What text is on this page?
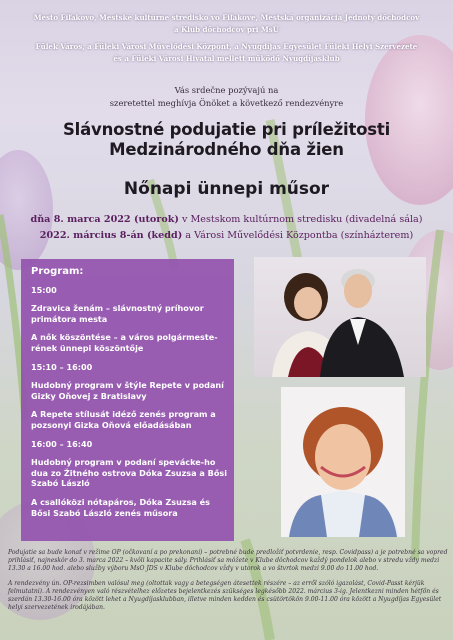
Mesto Fiľakovo, Mestské kultúrne stredisko vo Fiľakove, Mestská organizácia Jednoty dôchodcov
a Klub dôchodcov pri MsÚ
Fülek Város, a Füleki Városi Művelődési Központ, a Nyugdíjas Egyesület Füleki Helyi Szervezete
és a Füleki Városi Hivatal mellett működő Nyugdíjasklub
Vás srdečne pozývajú na
szeretettel meghívja Önöket a következő rendezvényre
Slávnostné podujatie pri príležitosti
Medzinárodného dňa žien
Nőnapi ünnepi műsor
dňa 8. marca 2022 (utorok) v Mestskom kultúrnom stredisku (divadelná sála)
2022. március 8-án (kedd) a Városi Művelődési Központba (színházterem)
Program:
15:00
Zdravica ženám – slávnostný príhovor primátora mesta
A nők köszöntése – a város polgármeste-rének ünnepi köszöntője
15:10 – 16:00
Hudobný program v štýle Repete v podaní Gizky Oňovej z Bratislavy
A Repete stílusát idéző zenés program a pozsonyi Gizka Oňová előadásában
16:00 – 16:40
Hudobný program v podaní spevácke-ho dua zo Žitného ostrova Dóka Zsuzsa a Bősi Szabó László
A csallóközi nótapáros, Dóka Zsuzsa és Bősi Szabó László zenés műsora

Podujatie sa bude konať v režime OP (očkovaní a po prekonaní) – potrebné bude predložiť potvrdenie, resp. Covidpass) a je potrebné sa vopred prihlásiť, najneskôr do 3. marca 2022 – kvôli kapacite sály. Prihlásiť sa môžete v Klube dôchodcov každý pondelok alebo v stredu vždy medzi 13.30 a 16.00 hod. alebo služby výboru MsO JDS v Klube dôchodcov vždy v utorok a vo štvrtok medzi 9.00 do 11.00 hod.

A rendezvény ún. OP-rezsimben valósul meg (oltottak vagy a betegségen átesettek részére – az erről szóló igazolást, Covid-Passt kérjük felmutatni). A rendezvényen való részvételhez előzetes bejelentkezés szükséges legkésőbb 2022. március 3-ig. Jelentkezni minden hétfőn és szerdán 13.30-16.00 óra között lehet a Nyugdíjasklubban, illetve minden kedden és csütörtökön 9.00-11.00 óra között a Nyugdíjas Egyesület helyi szervezetének irodájában.
